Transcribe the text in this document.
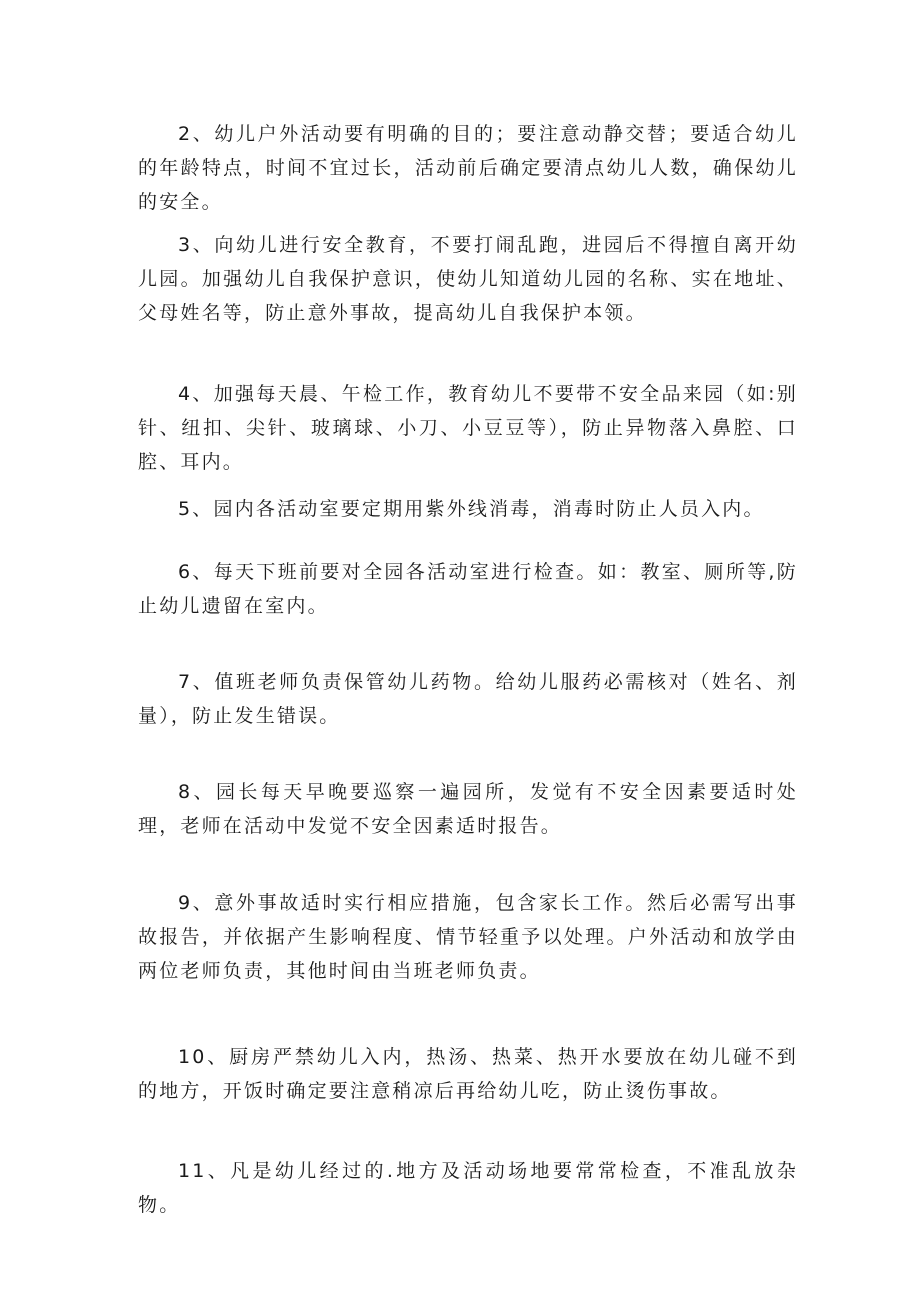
2、幼儿户外活动要有明确的目的；要注意动静交替；要适合幼儿的年龄特点，时间不宜过长，活动前后确定要清点幼儿人数，确保幼儿的安全。

3、向幼儿进行安全教育，不要打闹乱跑，进园后不得擅自离开幼儿园。加强幼儿自我保护意识，使幼儿知道幼儿园的名称、实在地址、父母姓名等，防止意外事故，提高幼儿自我保护本领。

4、加强每天晨、午检工作，教育幼儿不要带不安全品来园（如:别针、纽扣、尖针、玻璃球、小刀、小豆豆等），防止异物落入鼻腔、口腔、耳内。

5、园内各活动室要定期用紫外线消毒，消毒时防止人员入内。

6、每天下班前要对全园各活动室进行检查。如：教室、厕所等,防止幼儿遗留在室内。

7、值班老师负责保管幼儿药物。给幼儿服药必需核对（姓名、剂量），防止发生错误。

8、园长每天早晚要巡察一遍园所，发觉有不安全因素要适时处理，老师在活动中发觉不安全因素适时报告。

9、意外事故适时实行相应措施，包含家长工作。然后必需写出事故报告，并依据产生影响程度、情节轻重予以处理。户外活动和放学由两位老师负责，其他时间由当班老师负责。

10、厨房严禁幼儿入内，热汤、热菜、热开水要放在幼儿碰不到的地方，开饭时确定要注意稍凉后再给幼儿吃，防止烫伤事故。

11、凡是幼儿经过的.地方及活动场地要常常检查，不准乱放杂物。
